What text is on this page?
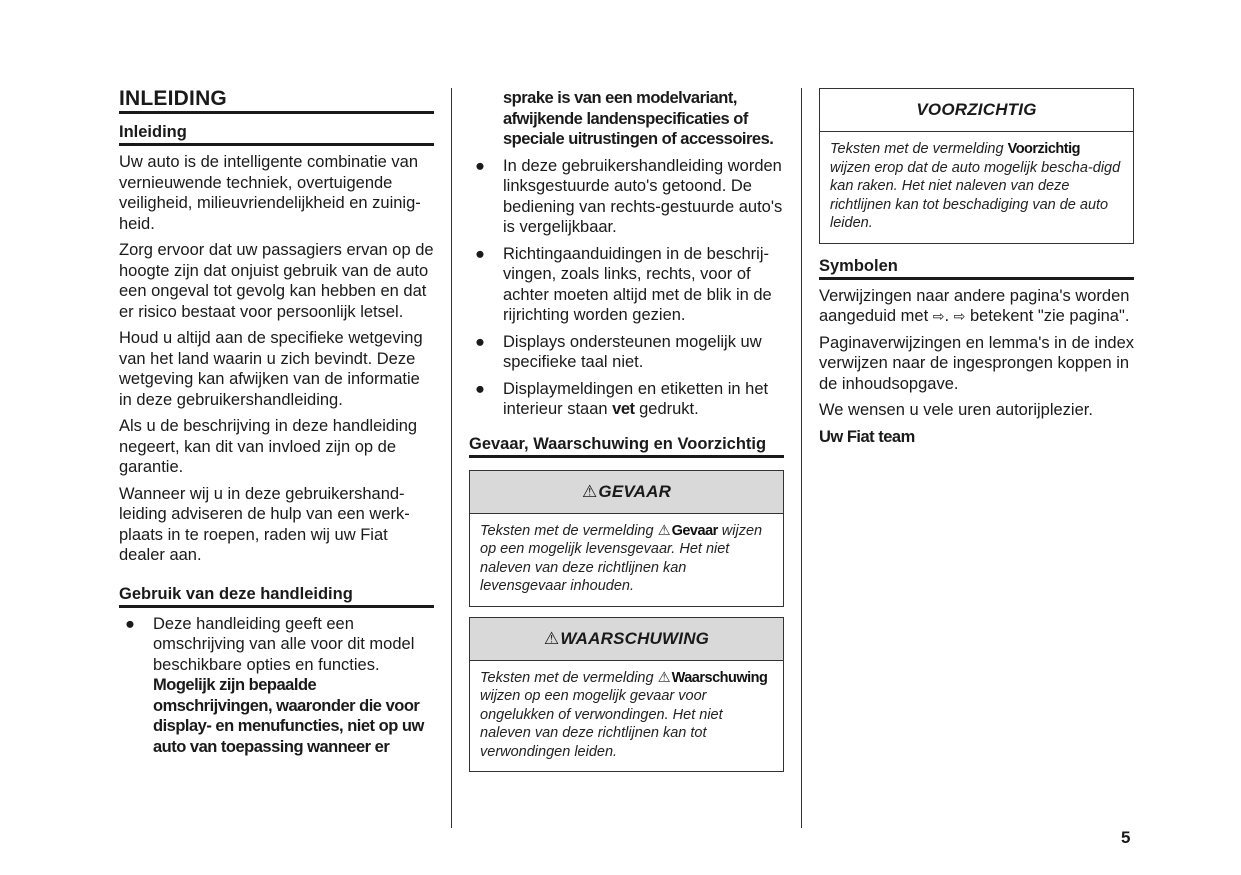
INLEIDING
Inleiding

Uw auto is de intelligente combinatie van vernieuwende techniek, overtuigende veiligheid, milieuvriendelijkheid en zuinig-heid.

Zorg ervoor dat uw passagiers ervan op de hoogte zijn dat onjuist gebruik van de auto een ongeval tot gevolg kan hebben en dat er risico bestaat voor persoonlijk letsel.

Houd u altijd aan de specifieke wetgeving van het land waarin u zich bevindt. Deze wetgeving kan afwijken van de informatie in deze gebruikershandleiding.

Als u de beschrijving in deze handleiding negeert, kan dit van invloed zijn op de garantie.

Wanneer wij u in deze gebruikershand-leiding adviseren de hulp van een werk-plaats in te roepen, raden wij uw Fiat dealer aan.

Gebruik van deze handleiding
● Deze handleiding geeft een omschrijving van alle voor dit model beschikbare opties en functies. Mogelijk zijn bepaalde omschrijvingen, waaronder die voor display- en menufuncties, niet op uw auto van toepassing wanneer er
sprake is van een modelvariant, afwijkende landenspecificaties of speciale uitrustingen of accessoires.
● In deze gebruikershandleiding worden linksgestuurde auto's getoond. De bediening van rechts-gestuurde auto's is vergelijkbaar.
● Richtingaanduidingen in de beschrij-vingen, zoals links, rechts, voor of achter moeten altijd met de blik in de rijrichting worden gezien.
● Displays ondersteunen mogelijk uw specifieke taal niet.
● Displaymeldingen en etiketten in het interieur staan vet gedrukt.
Gevaar, Waarschuwing en Voorzichtig
⚠ GEVAAR
Teksten met de vermelding ⚠Gevaar wijzen op een mogelijk levensgevaar. Het niet naleven van deze richtlijnen kan levensgevaar inhouden.
⚠ WAARSCHUWING
Teksten met de vermelding ⚠Waarschuwing wijzen op een mogelijk gevaar voor ongelukken of verwondingen. Het niet naleven van deze richtlijnen kan tot verwondingen leiden.
VOORZICHTIG
Teksten met de vermelding Voorzichtig wijzen erop dat de auto mogelijk bescha-digd kan raken. Het niet naleven van deze richtlijnen kan tot beschadiging van de auto leiden.
Symbolen

Verwijzingen naar andere pagina's worden aangeduid met ⇨. ⇨ betekent "zie pagina".

Paginaverwijzingen en lemma's in de index verwijzen naar de ingesprongen koppen in de inhoudsopgave.

We wensen u vele uren autorijplezier.

Uw Fiat team

5
